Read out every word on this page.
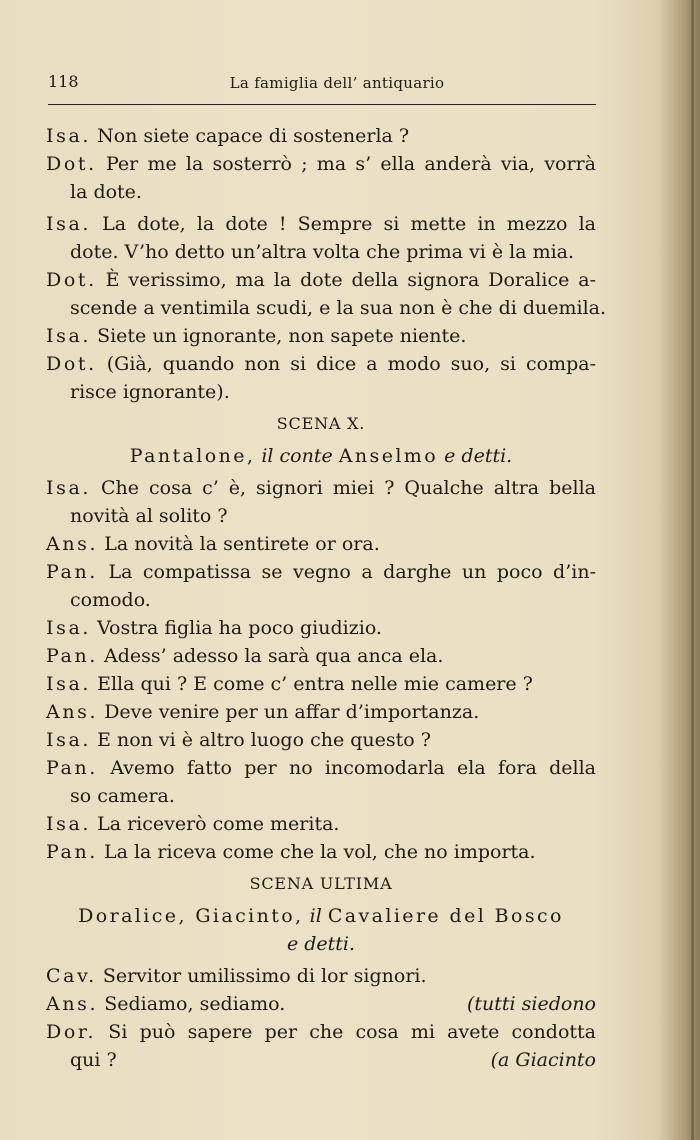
118	La famiglia dell’ antiquario
Isa. Non siete capace di sostenerla ?
Dot. Per me la sosterrò ; ma s’ ella anderà via, vorrà
la dote.
Isa. La dote, la dote ! Sempre si mette in mezzo la
dote. V’ho detto un’altra volta che prima vi è la mia.
Dot. È verissimo, ma la dote della signora Doralice a-
scende a ventimila scudi, e la sua non è che di duemila.
Isa. Siete un ignorante, non sapete niente.
Dot. (Già, quando non si dice a modo suo, si compa-
risce ignorante).
SCENA X.
Pantalone, il conte Anselmo e detti.
Isa. Che cosa c’ è, signori miei ? Qualche altra bella
novità al solito ?
Ans. La novità la sentirete or ora.
Pan. La compatissa se vegno a darghe un poco d’in-
comodo.
Isa. Vostra figlia ha poco giudizio.
Pan. Adess’ adesso la sarà qua anca ela.
Isa. Ella qui ? E come c’ entra nelle mie camere ?
Ans. Deve venire per un affar d’importanza.
Isa. E non vi è altro luogo che questo ?
Pan. Avemo fatto per no incomodarla ela fora della
so camera.
Isa. La riceverò come merita.
Pan. La la riceva come che la vol, che no importa.
SCENA ULTIMA
Doralice, Giacinto, il Cavaliere del Bosco
e detti.
Cav. Servitor umilissimo di lor signori.
Ans. Sediamo, sediamo.	(tutti siedono
Dor. Si può sapere per che cosa mi avete condotta
qui ?	(a Giacinto
